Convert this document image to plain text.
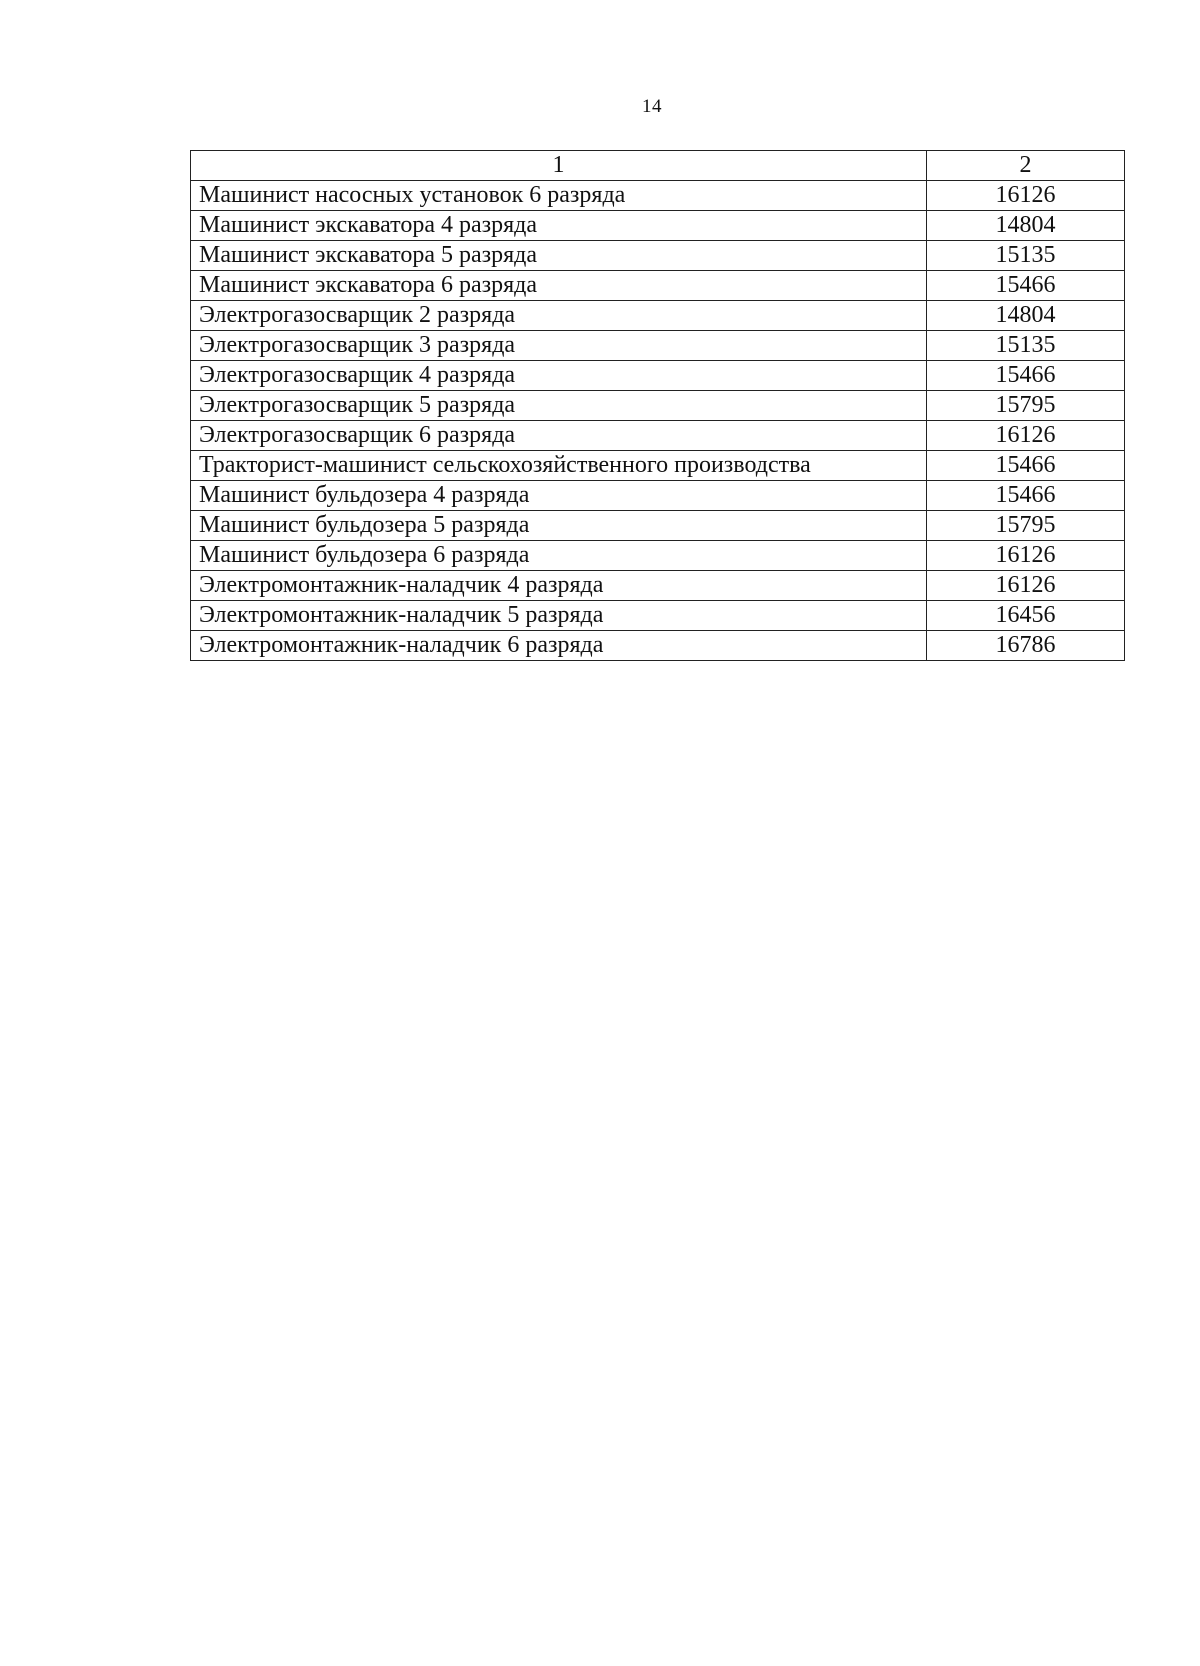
14
1	2
Машинист насосных установок 6 разряда	16126
Машинист экскаватора 4 разряда	14804
Машинист экскаватора 5 разряда	15135
Машинист экскаватора 6 разряда	15466
Электрогазосварщик 2 разряда	14804
Электрогазосварщик 3 разряда	15135
Электрогазосварщик 4 разряда	15466
Электрогазосварщик 5 разряда	15795
Электрогазосварщик 6 разряда	16126
Тракторист-машинист сельскохозяйственного производства	15466
Машинист бульдозера 4 разряда	15466
Машинист бульдозера 5 разряда	15795
Машинист бульдозера 6 разряда	16126
Электромонтажник-наладчик 4 разряда	16126
Электромонтажник-наладчик 5 разряда	16456
Электромонтажник-наладчик 6 разряда	16786
